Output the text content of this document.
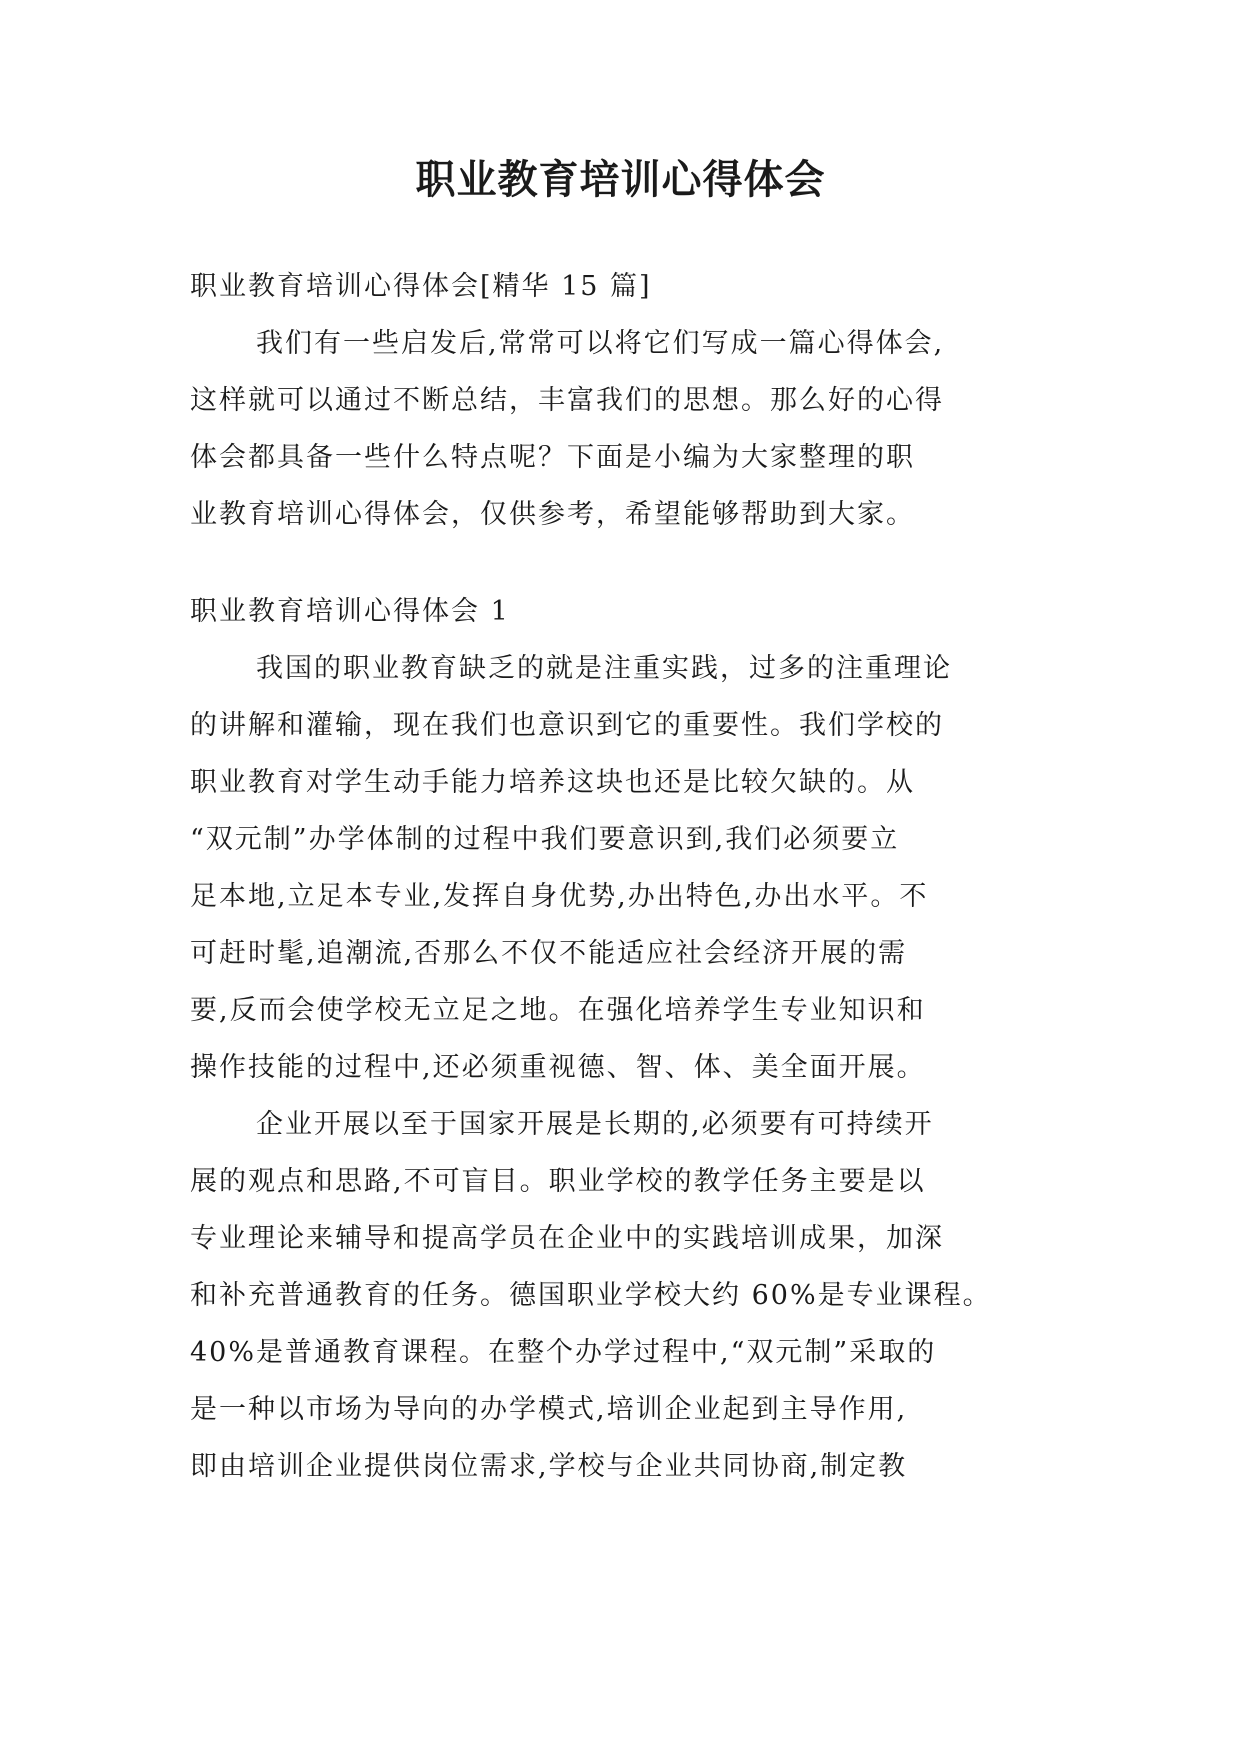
职业教育培训心得体会
职业教育培训心得体会[精华 15 篇]
我们有一些启发后,常常可以将它们写成一篇心得体会,
这样就可以通过不断总结，丰富我们的思想。那么好的心得
体会都具备一些什么特点呢？下面是小编为大家整理的职
业教育培训心得体会，仅供参考，希望能够帮助到大家。
职业教育培训心得体会 1
我国的职业教育缺乏的就是注重实践，过多的注重理论
的讲解和灌输，现在我们也意识到它的重要性。我们学校的
职业教育对学生动手能力培养这块也还是比较欠缺的。从
“双元制”办学体制的过程中我们要意识到,我们必须要立
足本地,立足本专业,发挥自身优势,办出特色,办出水平。不
可赶时髦,追潮流,否那么不仅不能适应社会经济开展的需
要,反而会使学校无立足之地。在强化培养学生专业知识和
操作技能的过程中,还必须重视德、智、体、美全面开展。
企业开展以至于国家开展是长期的,必须要有可持续开
展的观点和思路,不可盲目。职业学校的教学任务主要是以
专业理论来辅导和提高学员在企业中的实践培训成果，加深
和补充普通教育的任务。德国职业学校大约 60%是专业课程。
40%是普通教育课程。在整个办学过程中,“双元制”采取的
是一种以市场为导向的办学模式,培训企业起到主导作用,
即由培训企业提供岗位需求,学校与企业共同协商,制定教
